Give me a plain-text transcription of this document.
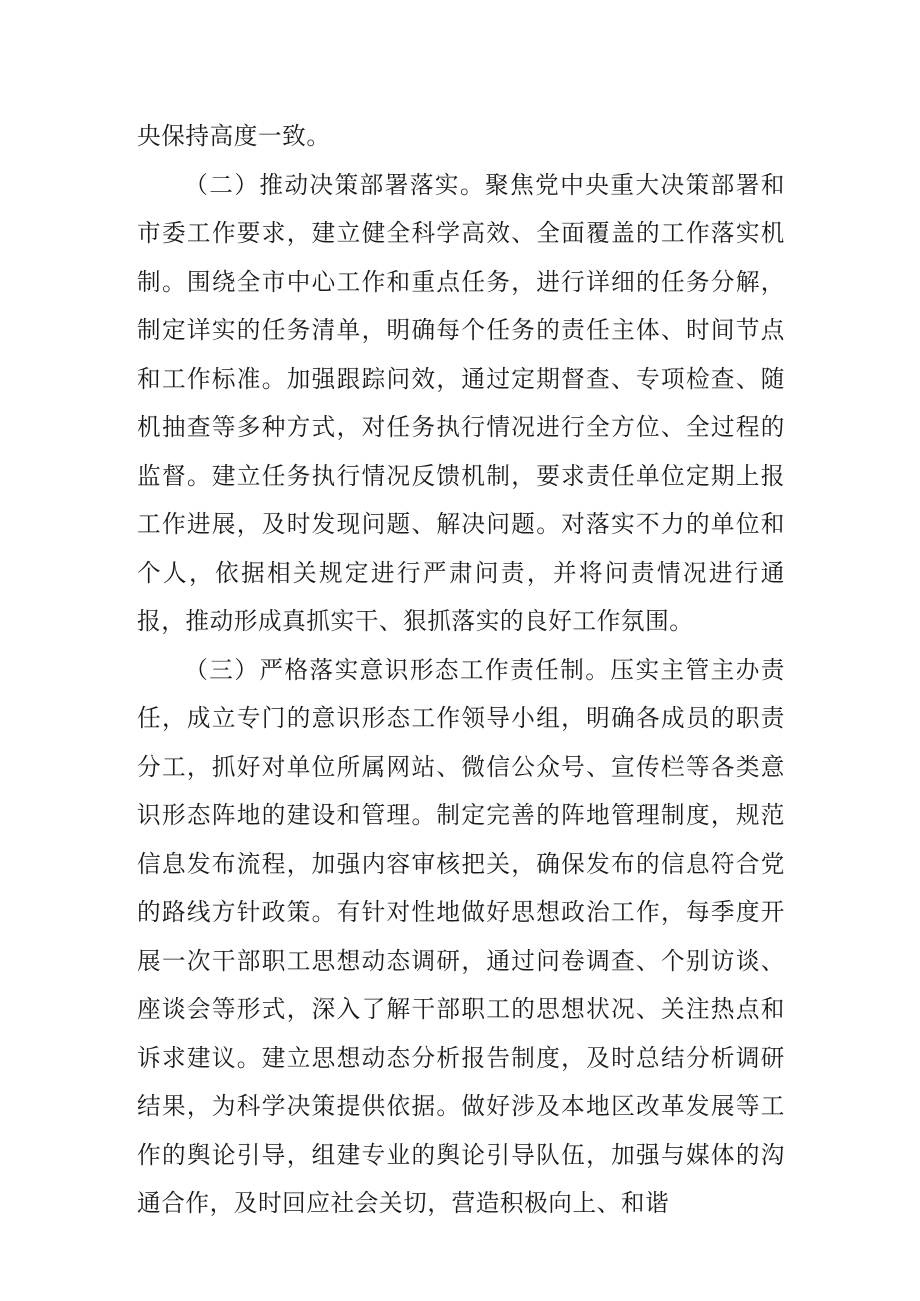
央保持高度一致。

（二）推动决策部署落实。聚焦党中央重大决策部署和市委工作要求，建立健全科学高效、全面覆盖的工作落实机制。围绕全市中心工作和重点任务，进行详细的任务分解，制定详实的任务清单，明确每个任务的责任主体、时间节点和工作标准。加强跟踪问效，通过定期督查、专项检查、随机抽查等多种方式，对任务执行情况进行全方位、全过程的监督。建立任务执行情况反馈机制，要求责任单位定期上报工作进展，及时发现问题、解决问题。对落实不力的单位和个人，依据相关规定进行严肃问责，并将问责情况进行通报，推动形成真抓实干、狠抓落实的良好工作氛围。

（三）严格落实意识形态工作责任制。压实主管主办责任，成立专门的意识形态工作领导小组，明确各成员的职责分工，抓好对单位所属网站、微信公众号、宣传栏等各类意识形态阵地的建设和管理。制定完善的阵地管理制度，规范信息发布流程，加强内容审核把关，确保发布的信息符合党的路线方针政策。有针对性地做好思想政治工作，每季度开展一次干部职工思想动态调研，通过问卷调查、个别访谈、座谈会等形式，深入了解干部职工的思想状况、关注热点和诉求建议。建立思想动态分析报告制度，及时总结分析调研结果，为科学决策提供依据。做好涉及本地区改革发展等工作的舆论引导，组建专业的舆论引导队伍，加强与媒体的沟通合作，及时回应社会关切，营造积极向上、和谐
